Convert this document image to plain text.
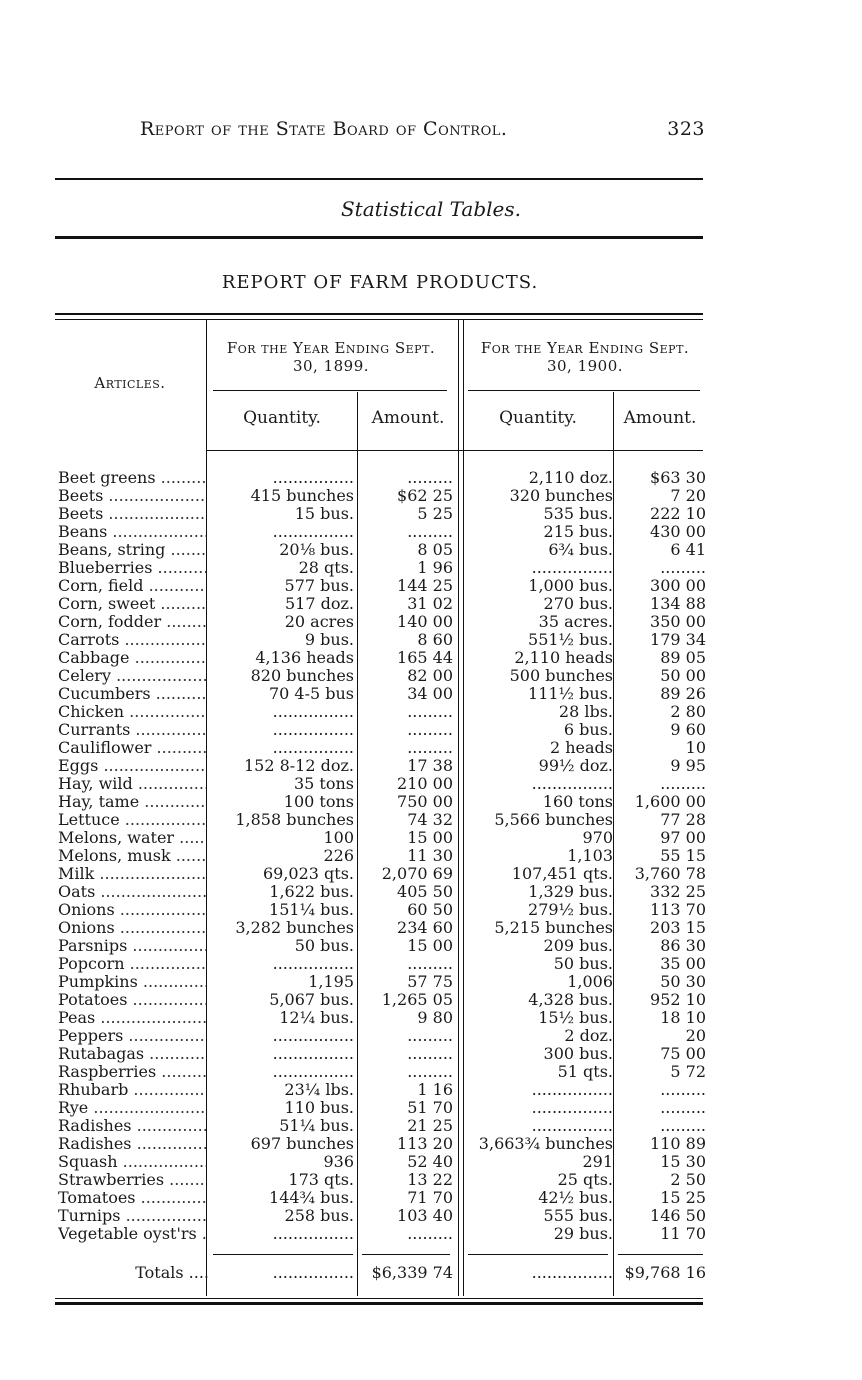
Report of the State Board of Control.	323
Statistical Tables.
REPORT OF FARM PRODUCTS.
Articles.
For the Year Ending Sept. 30, 1899.
For the Year Ending Sept. 30, 1900.
Quantity.	Amount.	Quantity.	Amount.
Beet greens .....	................	.........	2,110 doz.	$63 30
Beets .....	415 bunches	$62 25	320 bunches	7 20
Beets .....	15 bus.	5 25	535 bus.	222 10
Beans .....	................	.........	215 bus.	430 00
Beans, string .....	20⅛ bus.	8 05	6¾ bus.	6 41
Blueberries .....	28 qts.	1 96	................	.........
Corn, field .....	577 bus.	144 25	1,000 bus.	300 00
Corn, sweet .....	517 doz.	31 02	270 bus.	134 88
Corn, fodder .....	20 acres	140 00	35 acres.	350 00
Carrots .....	9 bus.	8 60	551½ bus.	179 34
Cabbage .....	4,136 heads	165 44	2,110 heads	89 05
Celery .....	820 bunches	82 00	500 bunches	50 00
Cucumbers .....	70 4-5 bus	34 00	111½ bus.	89 26
Chicken .....	................	.........	28 lbs.	2 80
Currants .....	................	.........	6 bus.	9 60
Cauliflower .....	................	.........	2 heads	10
Eggs .....	152 8-12 doz.	17 38	99½ doz.	9 95
Hay, wild .....	35 tons	210 00	................	.........
Hay, tame .....	100 tons	750 00	160 tons	1,600 00
Lettuce .....	1,858 bunches	74 32	5,566 bunches	77 28
Melons, water .....	100	15 00	970	97 00
Melons, musk .....	226	11 30	1,103	55 15
Milk .....	69,023 qts.	2,070 69	107,451 qts.	3,760 78
Oats .....	1,622 bus.	405 50	1,329 bus.	332 25
Onions .....	151¼ bus.	60 50	279½ bus.	113 70
Onions .....	3,282 bunches	234 60	5,215 bunches	203 15
Parsnips .....	50 bus.	15 00	209 bus.	86 30
Popcorn .....	................	.........	50 bus.	35 00
Pumpkins .....	1,195	57 75	1,006	50 30
Potatoes .....	5,067 bus.	1,265 05	4,328 bus.	952 10
Peas .....	12¼ bus.	9 80	15½ bus.	18 10
Peppers .....	................	.........	2 doz.	20
Rutabagas .....	................	.........	300 bus.	75 00
Raspberries .....	................	.........	51 qts.	5 72
Rhubarb .....	23¼ lbs.	1 16	................	.........
Rye .....	110 bus.	51 70	................	.........
Radishes .....	51¼ bus.	21 25	................	.........
Radishes .....	697 bunches	113 20	3,663¾ bunches	110 89
Squash .....	936	52 40	291	15 30
Strawberries .....	173 qts.	13 22	25 qts.	2 50
Tomatoes .....	144¾ bus.	71 70	42½ bus.	15 25
Turnips .....	258 bus.	103 40	555 bus.	146 50
Vegetable oyst'rs .....	................	.........	29 bus.	11 70
Totals ....	................	$6,339 74	................ $9,768 16
